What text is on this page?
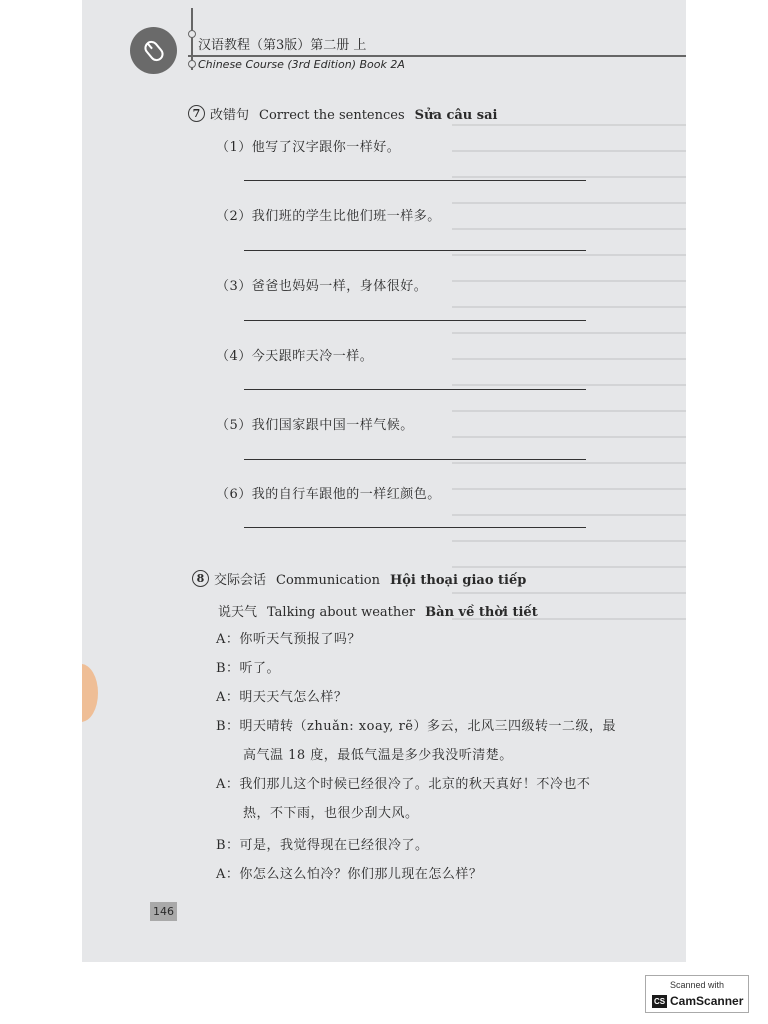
汉语教程（第3版）第二册 上
Chinese Course (3rd Edition) Book 2A
7 改错句 Correct the sentences Sửa câu sai
（1）他写了汉字跟你一样好。
（2）我们班的学生比他们班一样多。
（3）爸爸也妈妈一样，身体很好。
（4）今天跟昨天冷一样。
（5）我们国家跟中国一样气候。
（6）我的自行车跟他的一样红颜色。
8 交际会话 Communication Hội thoại giao tiếp
说天气 Talking about weather Bàn về thời tiết
A：你听天气预报了吗？
B：听了。
A：明天天气怎么样？
B：明天晴转（zhuǎn: xoay, rẽ）多云，北风三四级转一二级，最
　　高气温 18 度，最低气温是多少我没听清楚。
A：我们那儿这个时候已经很冷了。北京的秋天真好！不冷也不
　　热，不下雨，也很少刮大风。
B：可是，我觉得现在已经很冷了。
A：你怎么这么怕冷？你们那儿现在怎么样？
146
Scanned with
CS CamScanner
